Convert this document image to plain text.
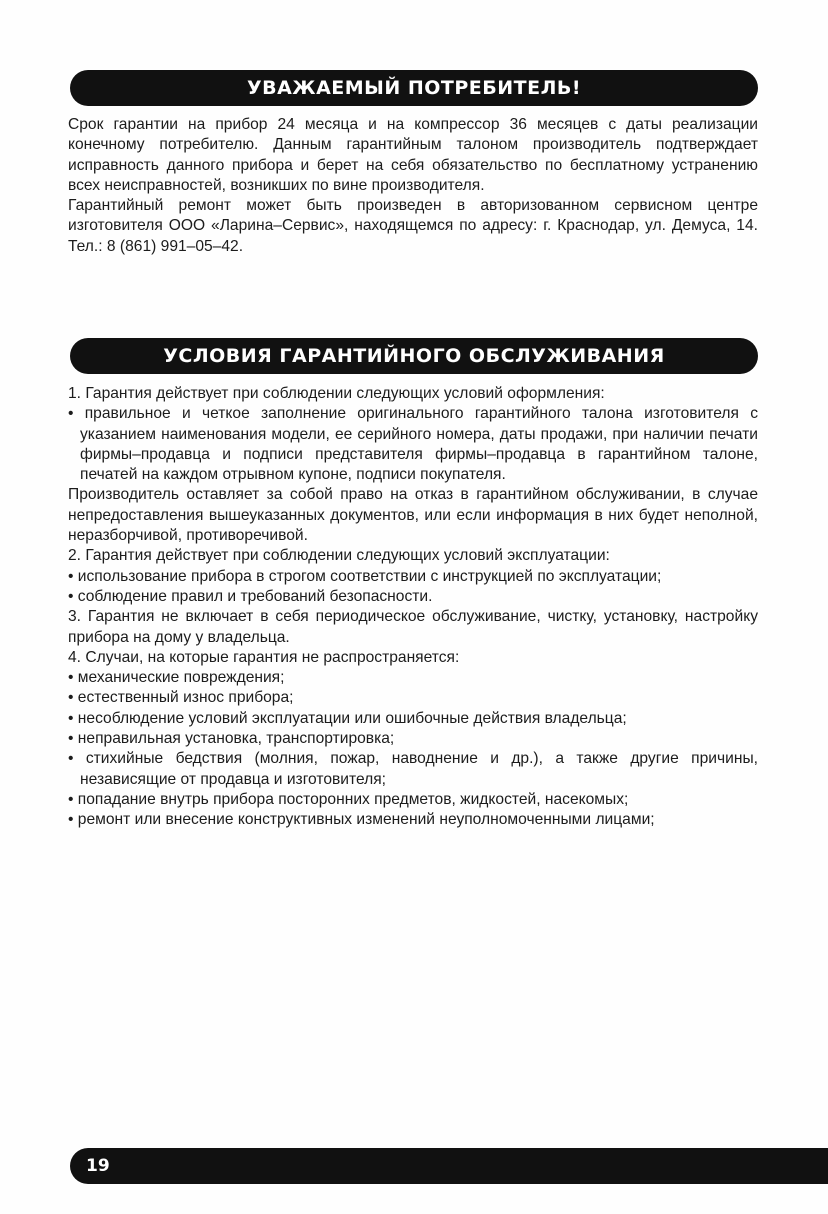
УВАЖАЕМЫЙ ПОТРЕБИТЕЛЬ!

Срок гарантии на прибор 24 месяца и на компрессор 36 месяцев с даты реализации конечному потребителю. Данным гарантийным талоном производитель подтверждает исправность данного прибора и берет на себя обязательство по бесплатному устранению всех неисправностей, возникших по вине производителя.

Гарантийный ремонт может быть произведен в авторизованном сервисном центре изготовителя ООО «Ларина–Сервис», находящемся по адресу: г. Краснодар, ул. Демуса, 14. Тел.: 8 (861) 991–05–42.

УСЛОВИЯ ГАРАНТИЙНОГО ОБСЛУЖИВАНИЯ

1. Гарантия действует при соблюдении следующих условий оформления:

• правильное и четкое заполнение оригинального гарантийного талона изготовителя с указанием наименования модели, ее серийного номера, даты продажи, при наличии печати фирмы–продавца и подписи представителя фирмы–продавца в гарантийном талоне, печатей на каждом отрывном купоне, подписи покупателя.

Производитель оставляет за собой право на отказ в гарантийном обслуживании, в случае непредоставления вышеуказанных документов, или если информация в них будет неполной, неразборчивой, противоречивой.

2. Гарантия действует при соблюдении следующих условий эксплуатации:

• использование прибора в строгом соответствии с инструкцией по эксплуатации;

• соблюдение правил и требований безопасности.

3. Гарантия не включает в себя периодическое обслуживание, чистку, установку, настройку прибора на дому у владельца.

4. Случаи, на которые гарантия не распространяется:

• механические повреждения;

• естественный износ прибора;

• несоблюдение условий эксплуатации или ошибочные действия владельца;

• неправильная установка, транспортировка;

• стихийные бедствия (молния, пожар, наводнение и др.), а также другие причины, независящие от продавца и изготовителя;

• попадание внутрь прибора посторонних предметов, жидкостей, насекомых;

• ремонт или внесение конструктивных изменений неуполномоченными лицами;

19
